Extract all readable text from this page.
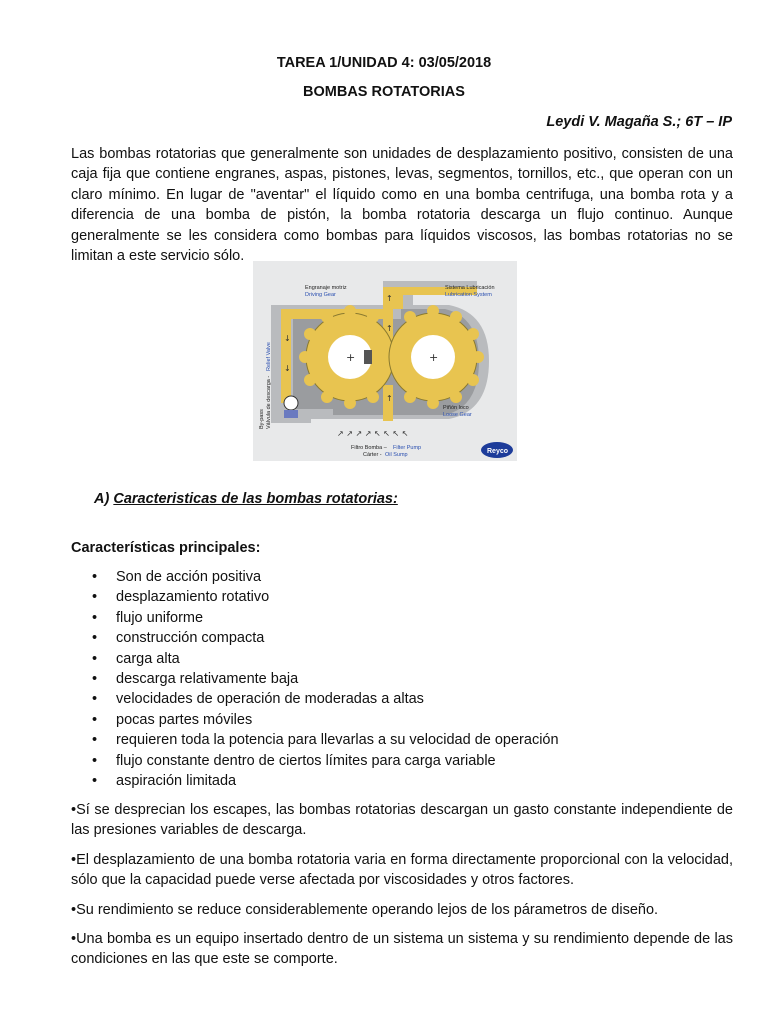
TAREA 1/UNIDAD 4: 03/05/2018
BOMBAS ROTATORIAS
Leydi V. Magaña S.; 6T – IP

Las bombas rotatorias que generalmente son unidades de desplazamiento positivo, consisten de una caja fija que contiene engranes, aspas, pistones, levas, segmentos, tornillos, etc., que operan con un claro mínimo. En lugar de "aventar" el líquido como en una bomba centrifuga, una bomba rota y a diferencia de una bomba de pistón, la bomba rotatoria descarga un flujo continuo. Aunque generalmente se les considera como bombas para líquidos viscosos, las bombas rotatorias no se limitan a este servicio sólo.

+	+
↑
↑
↓
↓
↑
↗ ↗ ↗ ↗ ↖ ↖ ↖ ↖
Engranaje motriz
Driving Gear
Sistema Lubricación
Lubrication System
Piñón loco
Loose Gear
Filtro Bomba – Filter Pump
Cárter - Oil Sump
By-pass Válvula de descarga -
Relief Valve
Reyco
A) Caracteristicas de las bombas rotatorias:
Características principales:
• Son de acción positiva
• desplazamiento rotativo
• flujo uniforme
• construcción compacta
• carga alta
• descarga relativamente baja
• velocidades de operación de moderadas a altas
• pocas partes móviles
• requieren toda la potencia para llevarlas a su velocidad de operación
• flujo constante dentro de ciertos límites para carga variable
• aspiración limitada

•Sí se desprecian los escapes, las bombas rotatorias descargan un gasto constante independiente de las presiones variables de descarga.

•El desplazamiento de una bomba rotatoria varia en forma directamente proporcional con la velocidad, sólo que la capacidad puede verse afectada por viscosidades y otros factores.

•Su rendimiento se reduce considerablemente operando lejos de los párametros de diseño.

•Una bomba es un equipo insertado dentro de un sistema un sistema y su rendimiento depende de las condiciones en las que este se comporte.
